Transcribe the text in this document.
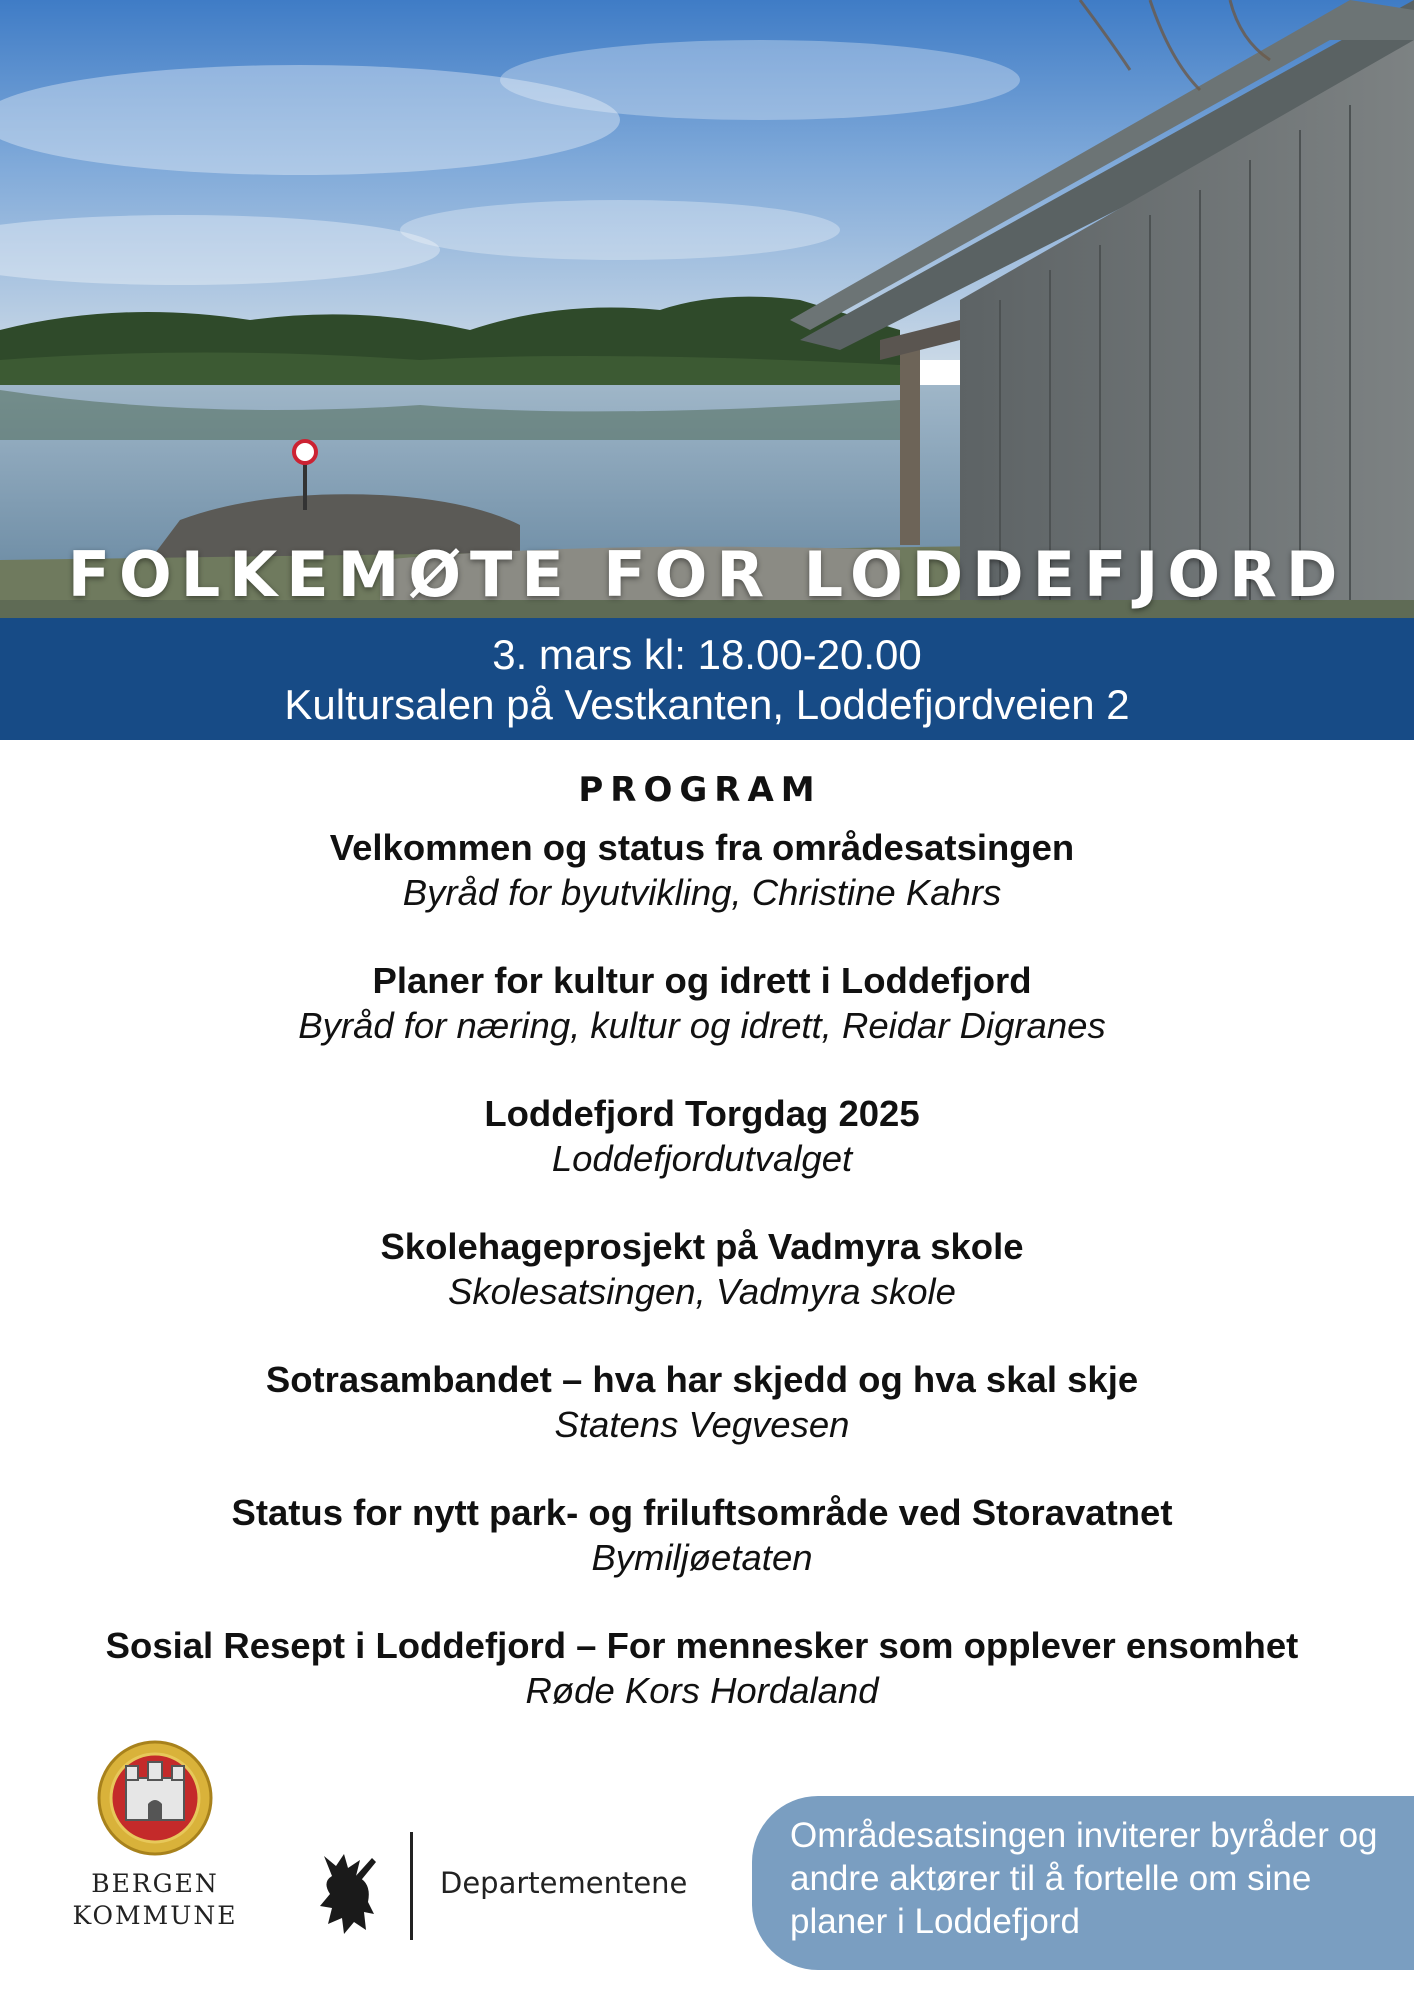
FOLKEMØTE FOR LODDEFJORD
3. mars kl: 18.00-20.00
Kultursalen på Vestkanten, Loddefjordveien 2
PROGRAM
Velkommen og status fra områdesatsingen
Byråd for byutvikling, Christine Kahrs
Planer for kultur og idrett i Loddefjord
Byråd for næring, kultur og idrett, Reidar Digranes
Loddefjord Torgdag 2025
Loddefjordutvalget
Skolehageprosjekt på Vadmyra skole
Skolesatsingen, Vadmyra skole
Sotrasambandet – hva har skjedd og hva skal skje
Statens Vegvesen
Status for nytt park- og friluftsområde ved Storavatnet
Bymiljøetaten
Sosial Resept i Loddefjord – For mennesker som opplever ensomhet
Røde Kors Hordaland
BERGEN
KOMMUNE
Departementene
Områdesatsingen inviterer byråder og andre aktører til å fortelle om sine planer i Loddefjord
